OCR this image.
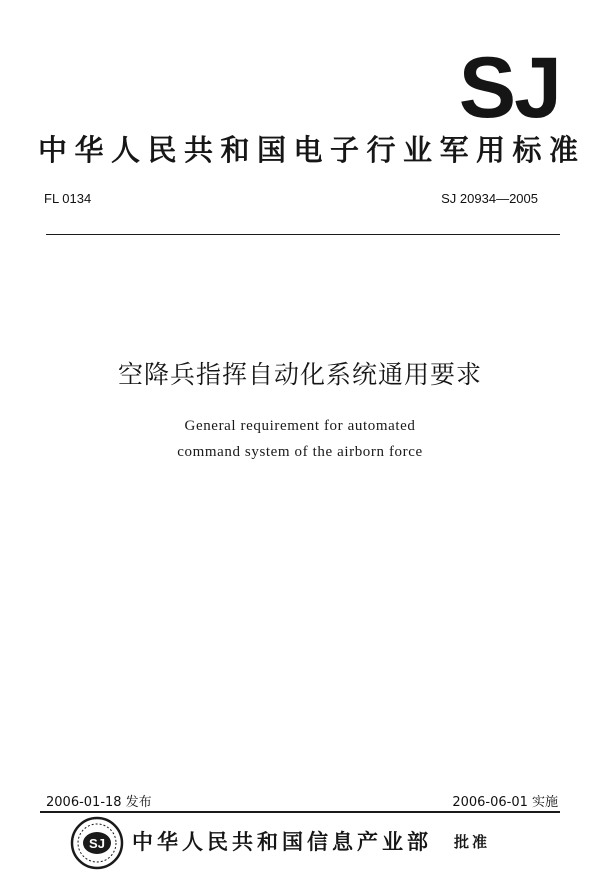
SJ
中华人民共和国电子行业军用标准
FL 0134	SJ 20934—2005
空降兵指挥自动化系统通用要求
General requirement for automated
command system of the airborn force
2006-01-18 发布	2006-06-01 实施
SJ 中华人民共和国信息产业部 批准
